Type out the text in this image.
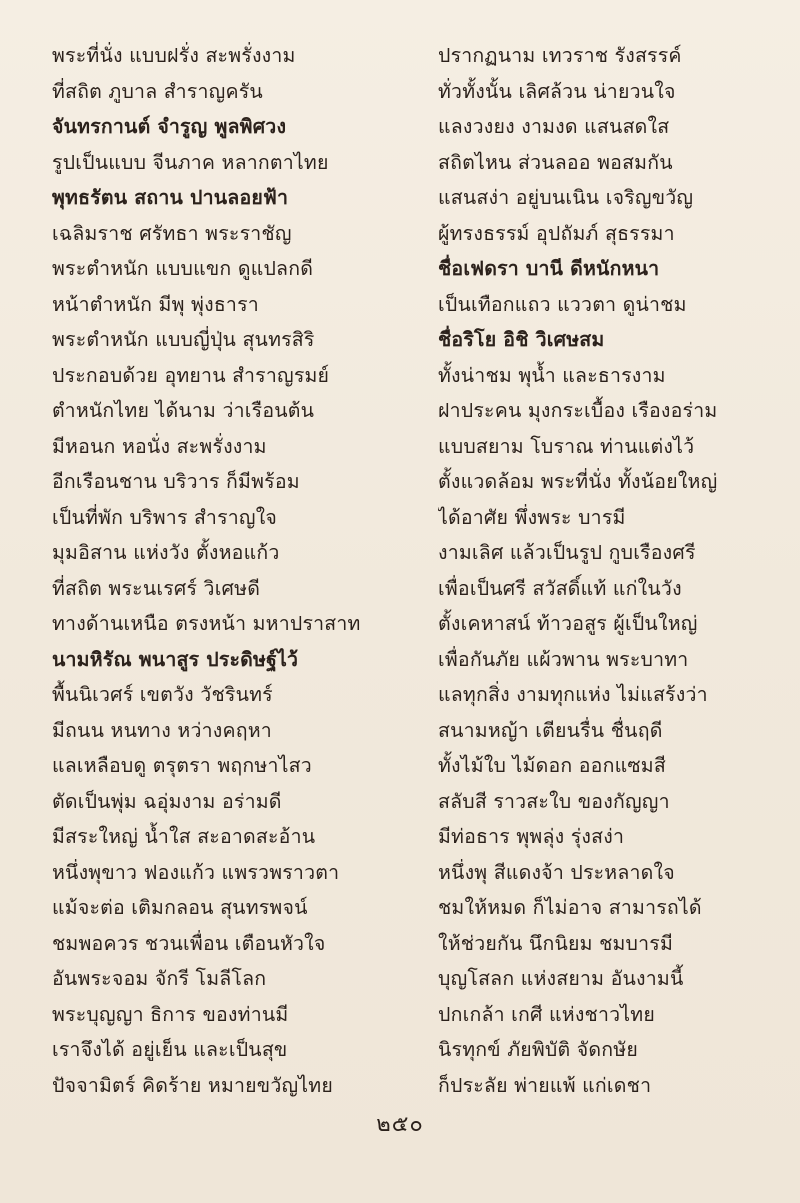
พระที่นั่ง แบบฝรั่ง สะพรั่งงาม
ที่สถิต ภูบาล สำราญครัน
จันทรกานต์ จำรูญ พูลพิศวง
รูปเป็นแบบ จีนภาค หลากตาไทย
พุทธรัตน สถาน ปานลอยฟ้า
เฉลิมราช ศรัทธา พระราชัญ
พระตำหนัก แบบแขก ดูแปลกดี
หน้าตำหนัก มีพุ พุ่งธารา
พระตำหนัก แบบญี่ปุ่น สุนทรสิริ
ประกอบด้วย อุทยาน สำราญรมย์
ตำหนักไทย ได้นาม ว่าเรือนต้น
มีหอนก หอนั่ง สะพรั่งงาม
อีกเรือนชาน บริวาร ก็มีพร้อม
เป็นที่พัก บริพาร สำราญใจ
มุมอิสาน แห่งวัง ตั้งหอแก้ว
ที่สถิต พระนเรศร์ วิเศษดี
ทางด้านเหนือ ตรงหน้า มหาปราสาท
นามหิรัณ พนาสูร ประดิษฐ์ไว้
พื้นนิเวศร์ เขตวัง วัชรินทร์
มีถนน หนทาง หว่างคฤหา
แลเหลือบดู ตรุตรา พฤกษาไสว
ตัดเป็นพุ่ม ฉอุ่มงาม อร่ามดี
มีสระใหญ่ น้ำใส สะอาดสะอ้าน
หนึ่งพุขาว ฟองแก้ว แพรวพราวตา
แม้จะต่อ เติมกลอน สุนทรพจน์
ชมพอควร ชวนเพื่อน เตือนหัวใจ
อันพระจอม จักรี โมลีโลก
พระบุญญา ธิการ ของท่านมี
เราจึงได้ อยู่เย็น และเป็นสุข
ปัจจามิตร์ คิดร้าย หมายขวัญไทย
ปรากฏนาม เทวราช รังสรรค์
ทั่วทั้งนั้น เลิศล้วน น่ายวนใจ
แลงวงยง งามงด แสนสดใส
สถิตไหน ส่วนลออ พอสมกัน
แสนสง่า อยู่บนเนิน เจริญขวัญ
ผู้ทรงธรรม์ อุปถัมภ์ สุธรรมา
ชื่อเฟดรา บานี ดีหนักหนา
เป็นเทือกแถว แววตา ดูน่าชม
ชื่อริโย อิชิ วิเศษสม
ทั้งน่าชม พุน้ำ และธารงาม
ฝาประคน มุงกระเบื้อง เรืองอร่าม
แบบสยาม โบราณ ท่านแต่งไว้
ตั้งแวดล้อม พระที่นั่ง ทั้งน้อยใหญ่
ได้อาศัย พึ่งพระ บารมี
งามเลิศ แล้วเป็นรูป กูบเรืองศรี
เพื่อเป็นศรี สวัสดิ์แท้ แก่ในวัง
ตั้งเคหาสน์ ท้าวอสูร ผู้เป็นใหญ่
เพื่อกันภัย แผ้วพาน พระบาทา
แลทุกสิ่ง งามทุกแห่ง ไม่แสร้งว่า
สนามหญ้า เตียนรื่น ชื่นฤดี
ทั้งไม้ใบ ไม้ดอก ออกแซมสี
สลับสี ราวสะใบ ของกัญญา
มีท่อธาร พุพลุ่ง รุ่งสง่า
หนึ่งพุ สีแดงจ้า ประหลาดใจ
ชมให้หมด ก็ไม่อาจ สามารถได้
ให้ช่วยกัน นึกนิยม ชมบารมี
บุญโสลก แห่งสยาม อันงามนี้
ปกเกล้า เกศี แห่งชาวไทย
นิรทุกข์ ภัยพิบัติ จัดกษัย
ก็ประลัย พ่ายแพ้ แก่เดชา
๒๕๐
